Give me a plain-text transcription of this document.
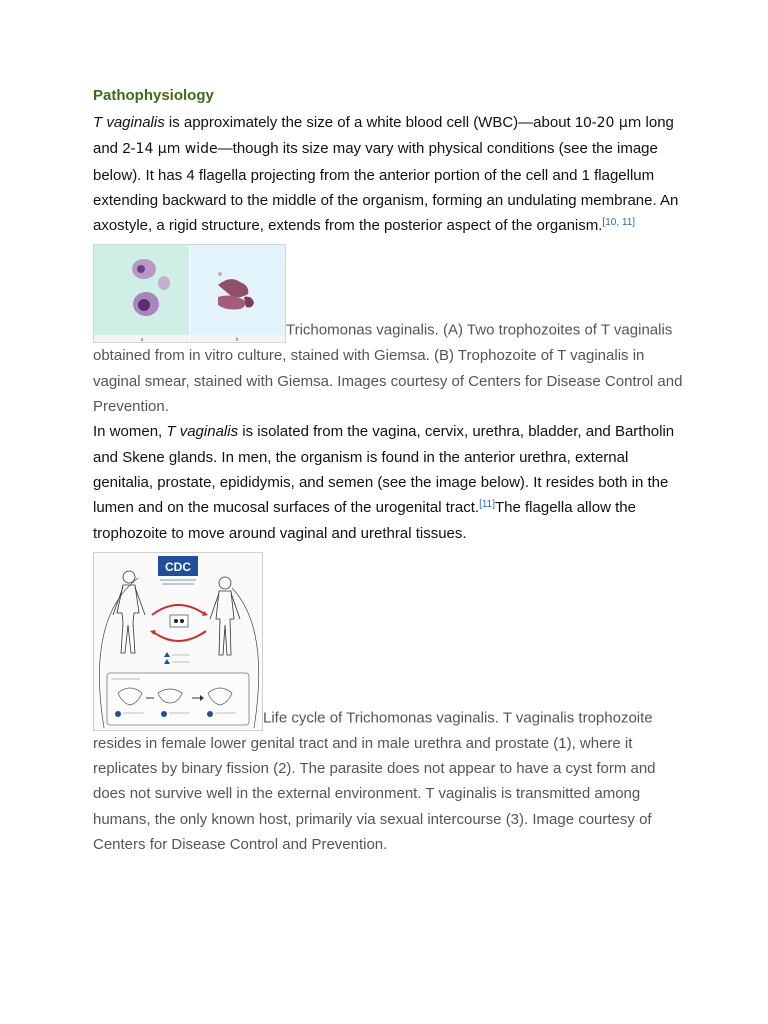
Pathophysiology

T vaginalis is approximately the size of a white blood cell (WBC)—about 10-20 µm long and 2-14 µm wide—though its size may vary with physical conditions (see the image below). It has 4 flagella projecting from the anterior portion of the cell and 1 flagellum extending backward to the middle of the organism, forming an undulating membrane. An axostyle, a rigid structure, extends from the posterior aspect of the organism.[10, 11]

a	b
Trichomonas vaginalis. (A) Two trophozoites of T vaginalis obtained from in vitro culture, stained with Giemsa. (B) Trophozoite of T vaginalis in vaginal smear, stained with Giemsa. Images courtesy of Centers for Disease Control and Prevention.

In women, T vaginalis is isolated from the vagina, cervix, urethra, bladder, and Bartholin and Skene glands. In men, the organism is found in the anterior urethra, external genitalia, prostate, epididymis, and semen (see the image below). It resides both in the lumen and on the mucosal surfaces of the urogenital tract.[11]The flagella allow the trophozoite to move around vaginal and urethral tissues.

CDC
Life cycle of Trichomonas vaginalis. T vaginalis trophozoite resides in female lower genital tract and in male urethra and prostate (1), where it replicates by binary fission (2). The parasite does not appear to have a cyst form and does not survive well in the external environment. T vaginalis is transmitted among humans, the only known host, primarily via sexual intercourse (3). Image courtesy of Centers for Disease Control and Prevention.
